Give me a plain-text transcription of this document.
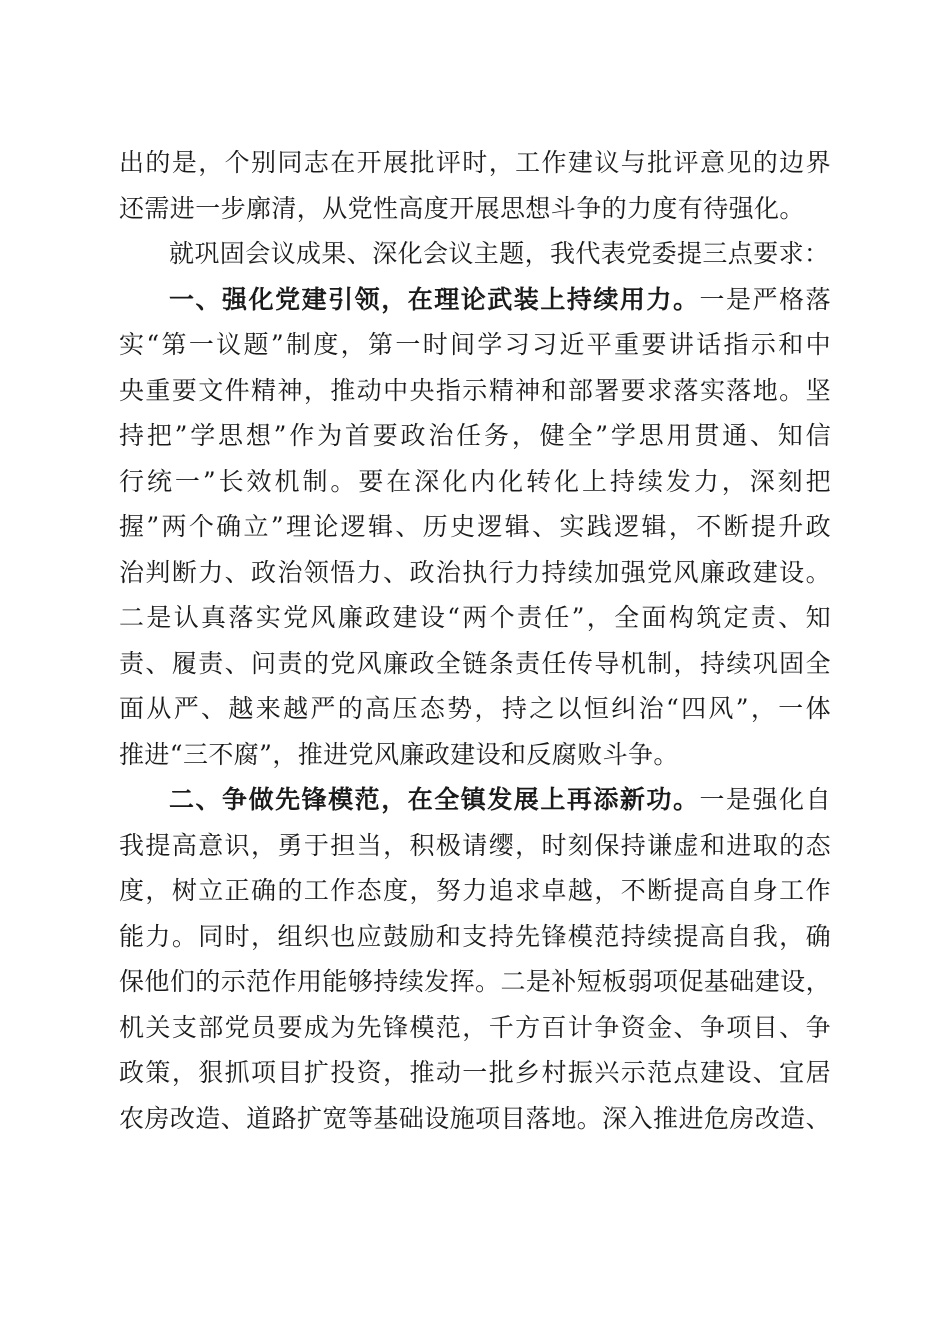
出的是，个别同志在开展批评时，工作建议与批评意见的边界
还需进一步廓清，从党性高度开展思想斗争的力度有待强化。
就巩固会议成果、深化会议主题，我代表党委提三点要求：
一、强化党建引领，在理论武装上持续用力。一是严格落
实“第一议题”制度，第一时间学习习近平重要讲话指示和中
央重要文件精神，推动中央指示精神和部署要求落实落地。坚
持把”学思想”作为首要政治任务，健全”学思用贯通、知信
行统一”长效机制。要在深化内化转化上持续发力，深刻把
握”两个确立”理论逻辑、历史逻辑、实践逻辑，不断提升政
治判断力、政治领悟力、政治执行力持续加强党风廉政建设。
二是认真落实党风廉政建设“两个责任”，全面构筑定责、知
责、履责、问责的党风廉政全链条责任传导机制，持续巩固全
面从严、越来越严的高压态势，持之以恒纠治“四风”，一体
推进“三不腐”，推进党风廉政建设和反腐败斗争。
二、争做先锋模范，在全镇发展上再添新功。一是强化自
我提高意识，勇于担当，积极请缨，时刻保持谦虚和进取的态
度，树立正确的工作态度，努力追求卓越，不断提高自身工作
能力。同时，组织也应鼓励和支持先锋模范持续提高自我，确
保他们的示范作用能够持续发挥。二是补短板弱项促基础建设，
机关支部党员要成为先锋模范，千方百计争资金、争项目、争
政策，狠抓项目扩投资，推动一批乡村振兴示范点建设、宜居
农房改造、道路扩宽等基础设施项目落地。深入推进危房改造、
